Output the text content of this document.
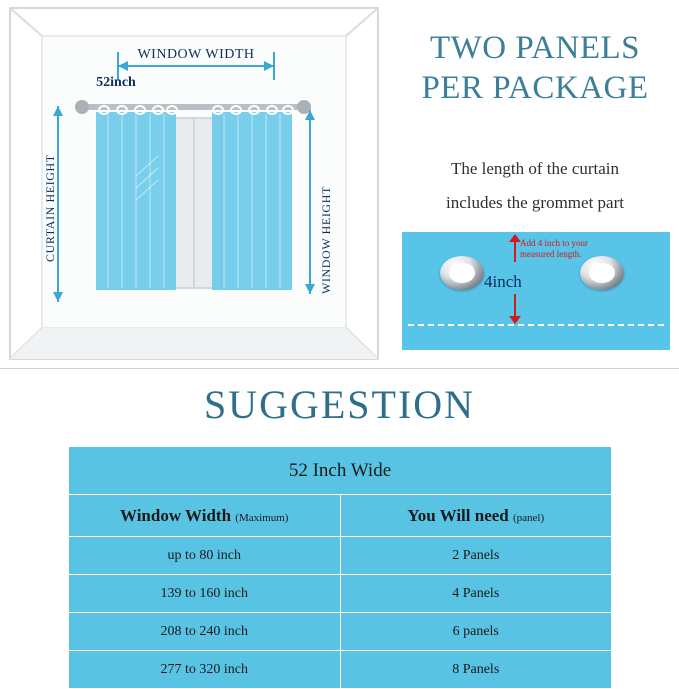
WINDOW WIDTH
52inch
CURTAIN HEIGHT	WINDOW HEIGHT
TWO PANELS
PER PACKAGE
The length of the curtain
includes the grommet part
Add 4 inch to your
measured length.
4inch
SUGGESTION
52 Inch Wide	
Window Width (Maximum)	You Will need (panel)
up to 80 inch	2 Panels
139 to 160 inch	4 Panels
208 to 240 inch	6 panels
277 to 320 inch	8 Panels
